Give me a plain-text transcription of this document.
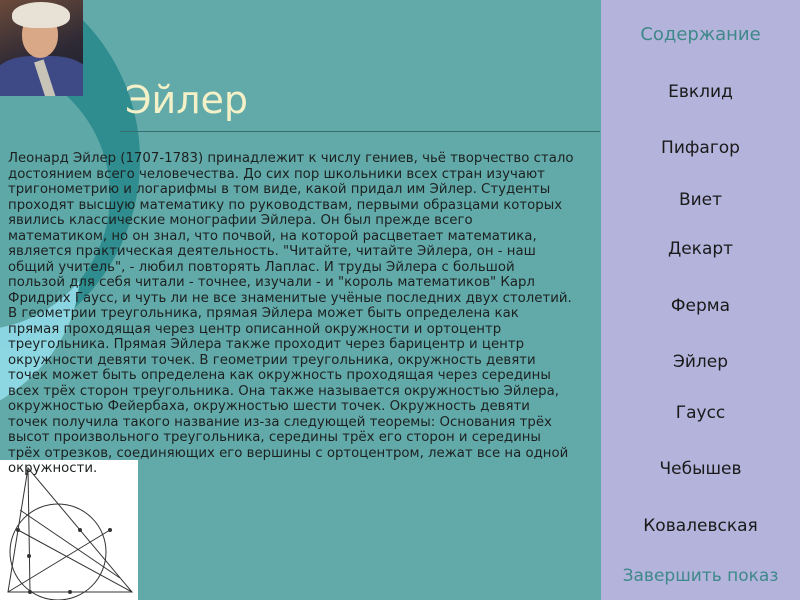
Эйлер

Леонард Эйлер (1707-1783) принадлежит к числу гениев, чьё творчество стало достоянием всего человечества. До сих пор школьники всех стран изучают тригонометрию и логарифмы в том виде, какой придал им Эйлер. Студенты проходят высшую математику по руководствам, первыми образцами которых явились классические монографии Эйлера. Он был прежде всего математиком, но он знал, что почвой, на которой расцветает математика, является практическая деятельность. "Читайте, читайте Эйлера, он - наш общий учитель", - любил повторять Лаплас. И труды Эйлера с большой пользой для себя читали - точнее, изучали - и "король математиков" Карл Фридрих Гаусс, и чуть ли не все знаменитые учёные последних двух столетий. В геометрии треугольника, прямая Эйлера может быть определена как прямая проходящая через центр описанной окружности и ортоцентр треугольника. Прямая Эйлера также проходит через барицентр и центр окружности девяти точек. В геометрии треугольника, окружность девяти точек может быть определена как окружность проходящая через середины всех трёх сторон треугольника. Она также называется окружностью Эйлера, окружностью Фейербаха, окружностью шести точек. Окружность девяти точек получила такого название из-за следующей теоремы: Основания трёх высот произвольного треугольника, середины трёх его сторон и середины трёх отрезков, соединяющих его вершины с ортоцентром, лежат все на одной окружности.

Содержание
Евклид
Пифагор
Виет
Декарт
Ферма
Эйлер
Гаусс
Чебышев
Ковалевская
Завершить показ
